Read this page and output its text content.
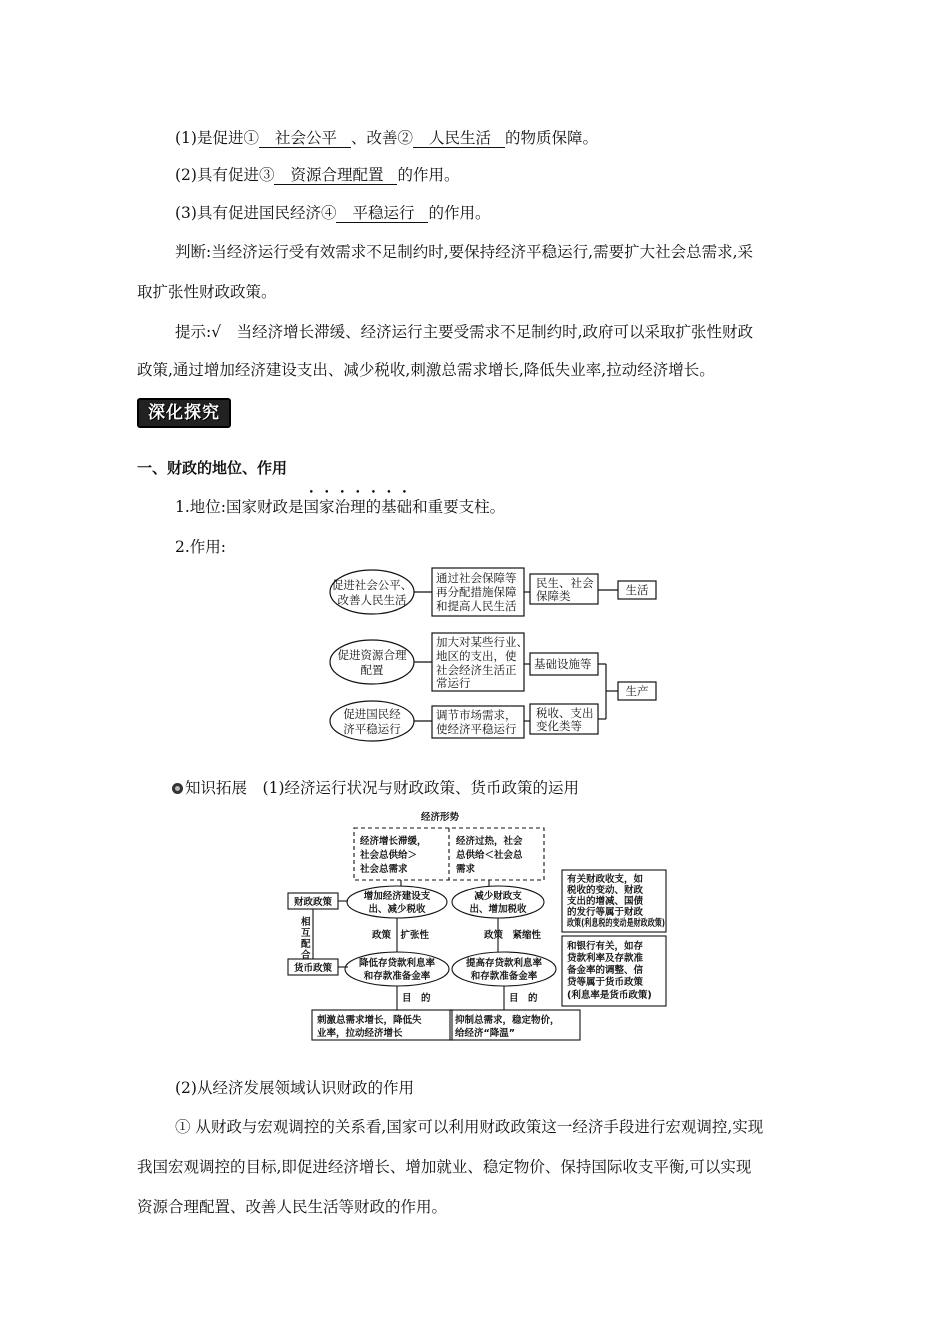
(1)是促进① 社会公平 、改善② 人民生活 的物质保障。
(2)具有促进③ 资源合理配置 的作用。
(3)具有促进国民经济④ 平稳运行 的作用。
判断:当经济运行受有效需求不足制约时,要保持经济平稳运行,需要扩大社会总需求,采
取扩张性财政政策。
提示:√　当经济增长滞缓、经济运行主要受需求不足制约时,政府可以采取扩张性财政
政策,通过增加经济建设支出、减少税收,刺激总需求增长,降低失业率,拉动经济增长。
深化探究
一、财政的地位、作用
1.地位:国家财政是国家治理的基础和重要支柱。
2.作用:
促进社会公平、
改善人民生活
促进资源合理
配置
促进国民经
济平稳运行
通过社会保障等
再分配措施保障
和提高人民生活
加大对某些行业、
地区的支出，使
社会经济生活正
常运行
调节市场需求，
使经济平稳运行
民生、社会
保障类
基础设施等
税收、支出
变化类等
生活
生产
知识拓展　 (1)经济运行状况与财政政策、货币政策的运用
经济形势
经济增长滞缓，
社会总供给＞
社会总需求
经济过热，社会
总供给＜社会总
需求
财政政策
货币政策
相
互
配
合
增加经济建设支
出、减少税收
减少财政支
出、增加税收
政策　扩张性	政策　紧缩性
降低存贷款利息率
和存款准备金率
提高存贷款利息率
和存款准备金率
目　的	目　的
刺激总需求增长，降低失
业率，拉动经济增长
抑制总需求，稳定物价，
给经济“降温”
有关财政收支，如
税收的变动、财政
支出的增减、国债
的发行等属于财政
政策(利息税的变动是财政政策)
和银行有关，如存
贷款利率及存款准
备金率的调整、信
贷等属于货币政策
(利息率是货币政策)
(2)从经济发展领域认识财政的作用
① 从财政与宏观调控的关系看,国家可以利用财政政策这一经济手段进行宏观调控,实现
我国宏观调控的目标,即促进经济增长、增加就业、稳定物价、保持国际收支平衡,可以实现
资源合理配置、改善人民生活等财政的作用。
